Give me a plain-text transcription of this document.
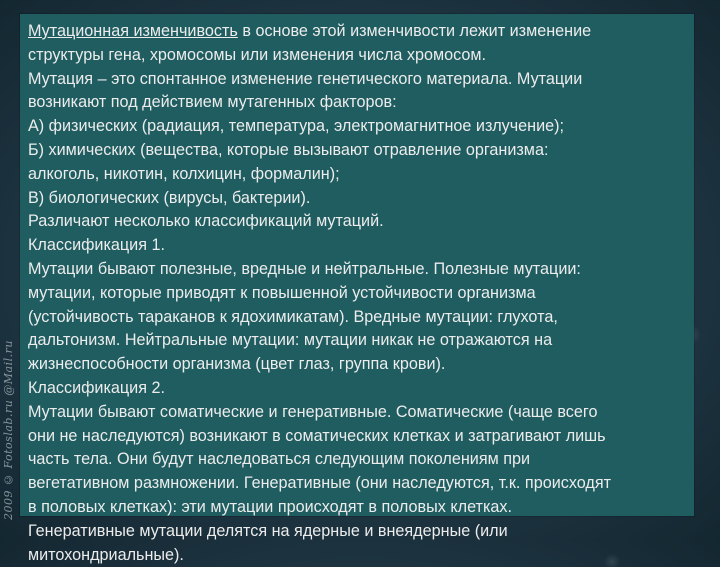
2009 © Fotoslab.ru @Mail.ru
Мутационная изменчивость в основе этой изменчивости лежит изменение
структуры гена, хромосомы или изменения числа хромосом.
Мутация – это спонтанное изменение генетического материала. Мутации
возникают под действием мутагенных факторов:
А) физических (радиация, температура, электромагнитное излучение);
Б) химических (вещества, которые вызывают отравление организма:
алкоголь, никотин, колхицин, формалин);
В) биологических (вирусы, бактерии).
Различают несколько классификаций мутаций.
Классификация 1.
Мутации бывают полезные, вредные и нейтральные. Полезные мутации:
мутации, которые приводят к повышенной устойчивости организма
(устойчивость тараканов к ядохимикатам). Вредные мутации: глухота,
дальтонизм. Нейтральные мутации: мутации никак не отражаются на
жизнеспособности организма (цвет глаз, группа крови).
Классификация 2.
Мутации бывают соматические и генеративные. Соматические (чаще всего
они не наследуются) возникают в соматических клетках и затрагивают лишь
часть тела. Они будут наследоваться следующим поколениям при
вегетативном размножении. Генеративные (они наследуются, т.к. происходят
в половых клетках): эти мутации происходят в половых клетках.
Генеративные мутации делятся на ядерные и внеядерные (или
митохондриальные).
